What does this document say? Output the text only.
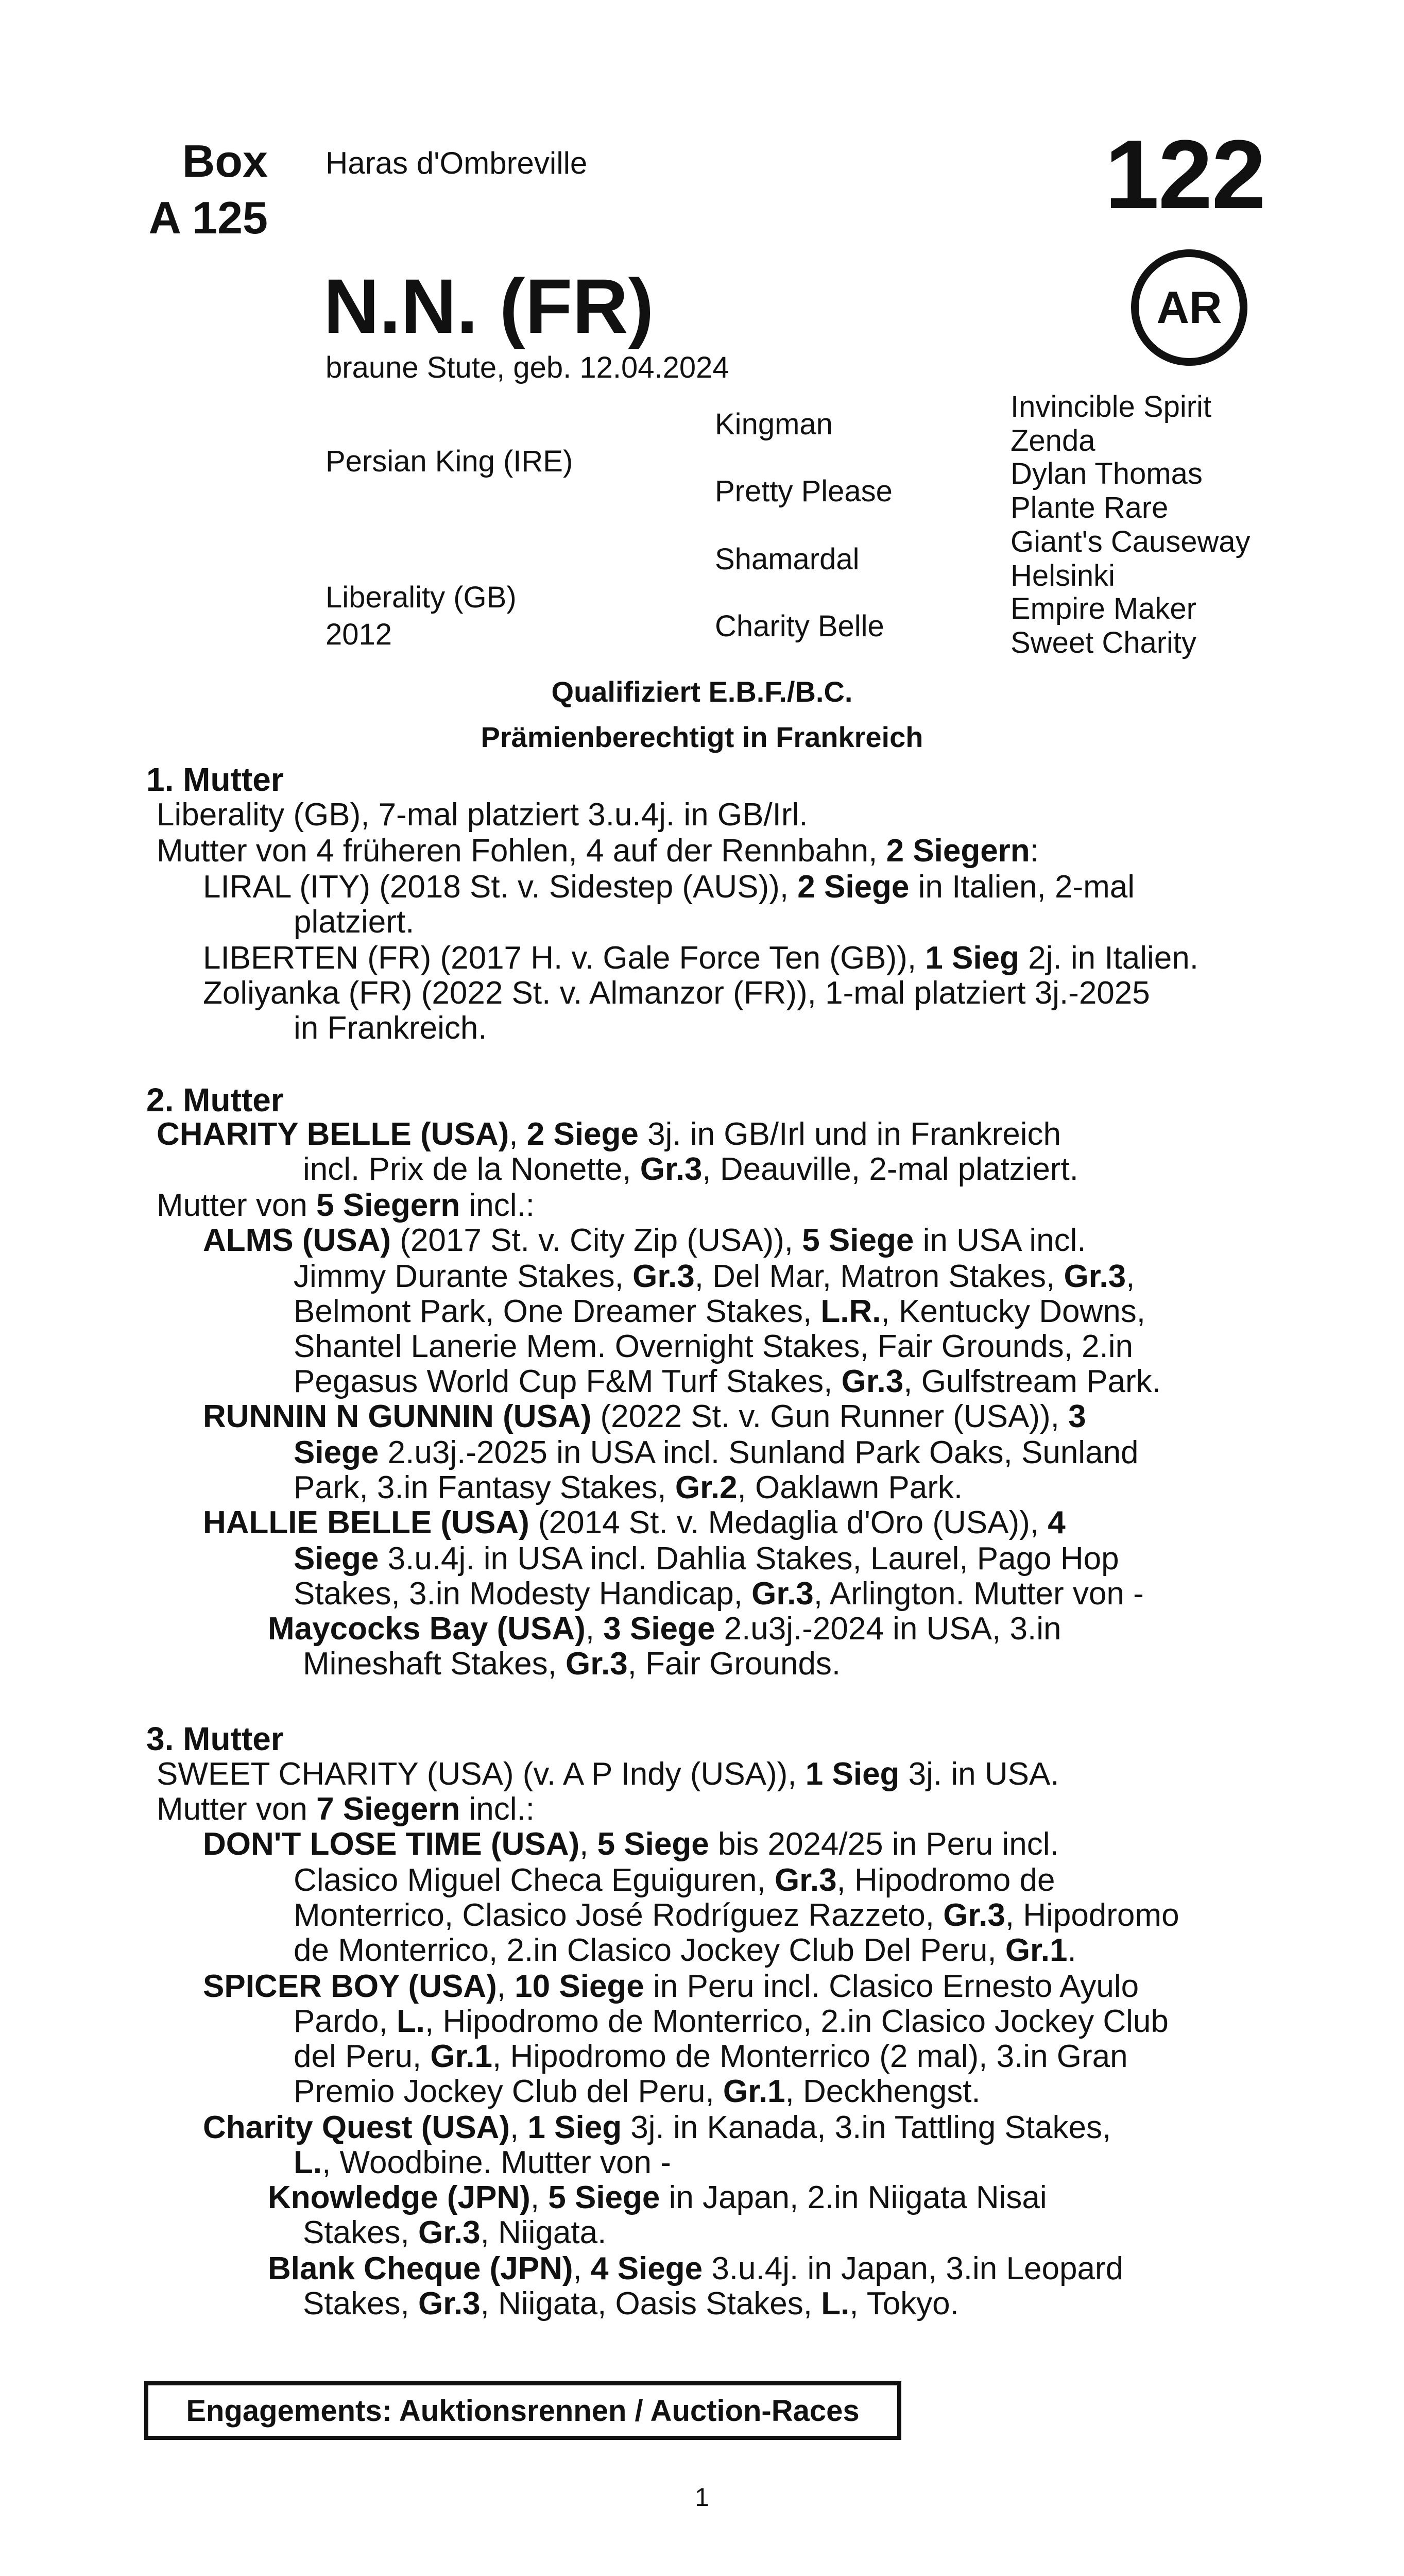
Box
A 125
Haras d'Ombreville	122
N.N. (FR)	AR
braune Stute, geb. 12.04.2024
Persian King (IRE)
Liberality (GB)
2012
Kingman
Pretty Please
Shamardal
Charity Belle
Invincible Spirit
Zenda
Dylan Thomas
Plante Rare
Giant's Causeway
Helsinki
Empire Maker
Sweet Charity
Qualifiziert E.B.F./B.C.
Prämienberechtigt in Frankreich
1. Mutter
Liberality (GB), 7-mal platziert 3.u.4j. in GB/Irl.
Mutter von 4 früheren Fohlen, 4 auf der Rennbahn, 2 Siegern:
LIRAL (ITY) (2018 St. v. Sidestep (AUS)), 2 Siege in Italien, 2-mal
platziert.
LIBERTEN (FR) (2017 H. v. Gale Force Ten (GB)), 1 Sieg 2j. in Italien.
Zoliyanka (FR) (2022 St. v. Almanzor (FR)), 1-mal platziert 3j.-2025
in Frankreich.
2. Mutter
CHARITY BELLE (USA), 2 Siege 3j. in GB/Irl und in Frankreich
incl. Prix de la Nonette, Gr.3, Deauville, 2-mal platziert.
Mutter von 5 Siegern incl.:
ALMS (USA) (2017 St. v. City Zip (USA)), 5 Siege in USA incl.
Jimmy Durante Stakes, Gr.3, Del Mar, Matron Stakes, Gr.3,
Belmont Park, One Dreamer Stakes, L.R., Kentucky Downs,
Shantel Lanerie Mem. Overnight Stakes, Fair Grounds, 2.in
Pegasus World Cup F&M Turf Stakes, Gr.3, Gulfstream Park.
RUNNIN N GUNNIN (USA) (2022 St. v. Gun Runner (USA)), 3
Siege 2.u3j.-2025 in USA incl. Sunland Park Oaks, Sunland
Park, 3.in Fantasy Stakes, Gr.2, Oaklawn Park.
HALLIE BELLE (USA) (2014 St. v. Medaglia d'Oro (USA)), 4
Siege 3.u.4j. in USA incl. Dahlia Stakes, Laurel, Pago Hop
Stakes, 3.in Modesty Handicap, Gr.3, Arlington. Mutter von -
Maycocks Bay (USA), 3 Siege 2.u3j.-2024 in USA, 3.in
Mineshaft Stakes, Gr.3, Fair Grounds.
3. Mutter
SWEET CHARITY (USA) (v. A P Indy (USA)), 1 Sieg 3j. in USA.
Mutter von 7 Siegern incl.:
DON'T LOSE TIME (USA), 5 Siege bis 2024/25 in Peru incl.
Clasico Miguel Checa Eguiguren, Gr.3, Hipodromo de
Monterrico, Clasico José Rodríguez Razzeto, Gr.3, Hipodromo
de Monterrico, 2.in Clasico Jockey Club Del Peru, Gr.1.
SPICER BOY (USA), 10 Siege in Peru incl. Clasico Ernesto Ayulo
Pardo, L., Hipodromo de Monterrico, 2.in Clasico Jockey Club
del Peru, Gr.1, Hipodromo de Monterrico (2 mal), 3.in Gran
Premio Jockey Club del Peru, Gr.1, Deckhengst.
Charity Quest (USA), 1 Sieg 3j. in Kanada, 3.in Tattling Stakes,
L., Woodbine. Mutter von -
Knowledge (JPN), 5 Siege in Japan, 2.in Niigata Nisai
Stakes, Gr.3, Niigata.
Blank Cheque (JPN), 4 Siege 3.u.4j. in Japan, 3.in Leopard
Stakes, Gr.3, Niigata, Oasis Stakes, L., Tokyo.
Engagements: Auktionsrennen / Auction-Races
1
